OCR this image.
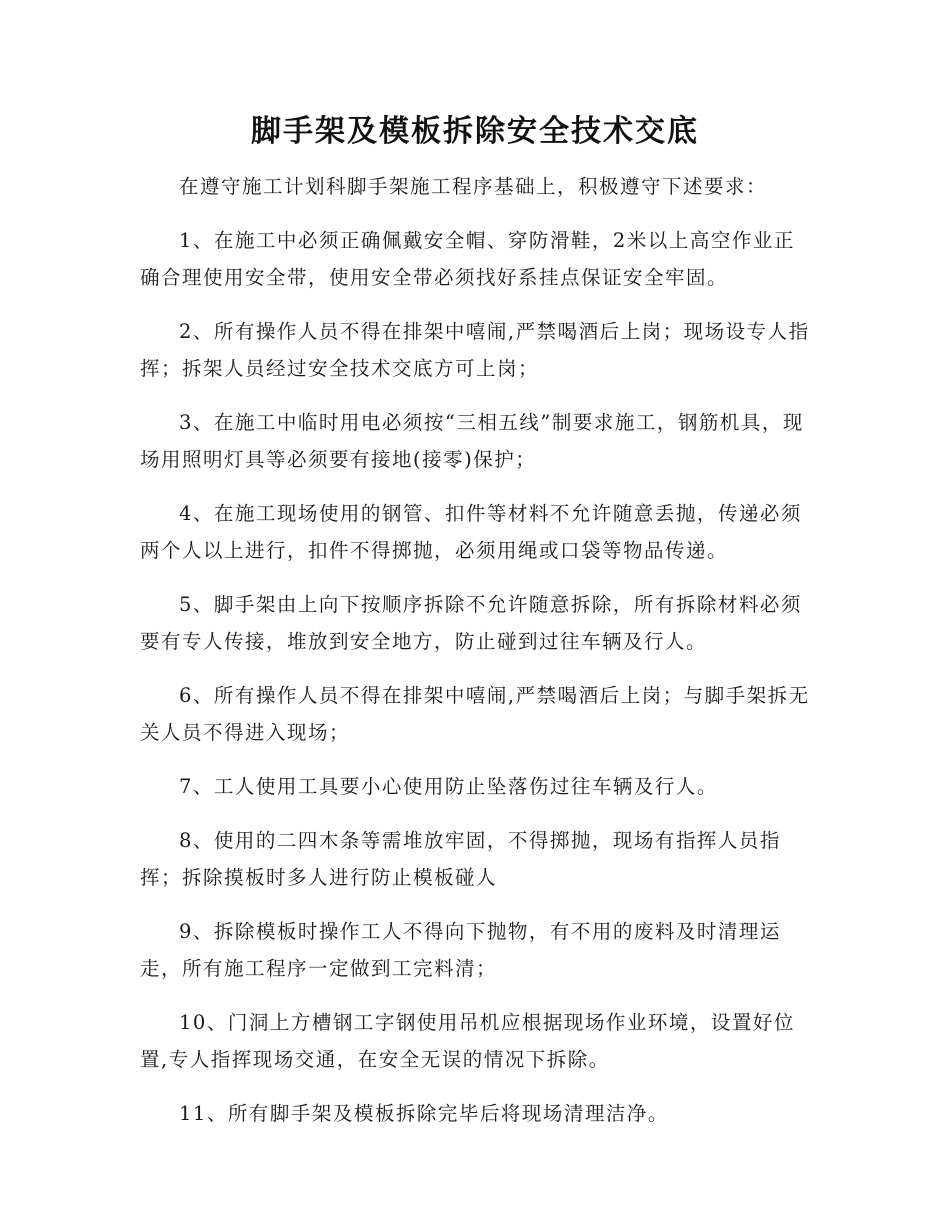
脚手架及模板拆除安全技术交底

在遵守施工计划科脚手架施工程序基础上，积极遵守下述要求：

1、在施工中必须正确佩戴安全帽、穿防滑鞋，2米以上高空作业正确合理使用安全带，使用安全带必须找好系挂点保证安全牢固。

2、所有操作人员不得在排架中嘻闹,严禁喝酒后上岗；现场设专人指挥；拆架人员经过安全技术交底方可上岗；

3、在施工中临时用电必须按“三相五线”制要求施工，钢筋机具，现场用照明灯具等必须要有接地(接零)保护；

4、在施工现场使用的钢管、扣件等材料不允许随意丢抛，传递必须两个人以上进行，扣件不得掷抛，必须用绳或口袋等物品传递。

5、脚手架由上向下按顺序拆除不允许随意拆除，所有拆除材料必须要有专人传接，堆放到安全地方，防止碰到过往车辆及行人。

6、所有操作人员不得在排架中嘻闹,严禁喝酒后上岗；与脚手架拆无关人员不得进入现场；

7、工人使用工具要小心使用防止坠落伤过往车辆及行人。

8、使用的二四木条等需堆放牢固，不得掷抛，现场有指挥人员指挥；拆除摸板时多人进行防止模板碰人

9、拆除模板时操作工人不得向下抛物，有不用的废料及时清理运走，所有施工程序一定做到工完料清；

10、门洞上方槽钢工字钢使用吊机应根据现场作业环境，设置好位置,专人指挥现场交通，在安全无误的情况下拆除。

11、所有脚手架及模板拆除完毕后将现场清理洁净。
